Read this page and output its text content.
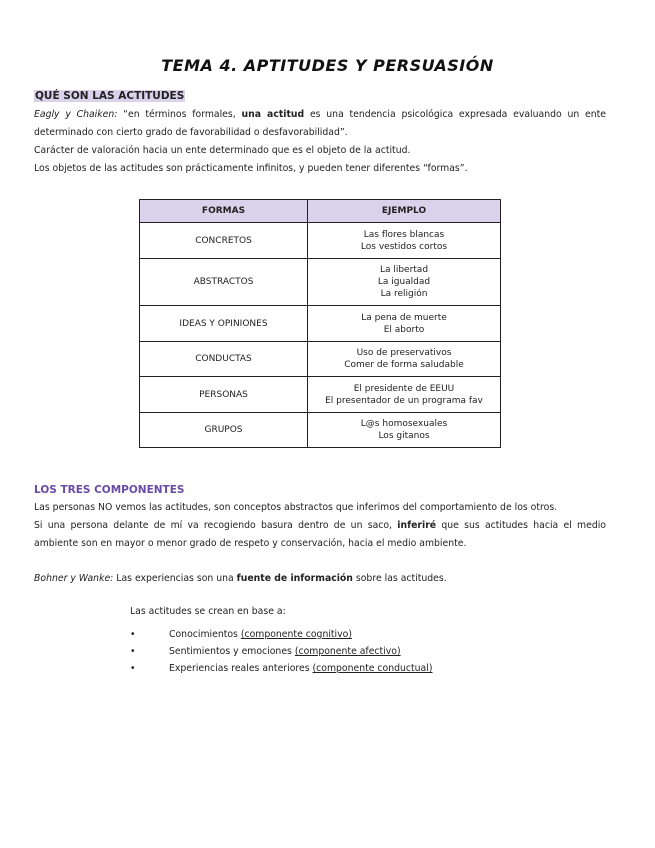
TEMA 4. APTITUDES Y PERSUASIÓN
QUÉ SON LAS ACTITUDES
Eagly y Chaiken: “en términos formales, una actitud es una tendencia psicológica expresada evaluando un ente determinado con cierto grado de favorabilidad o desfavorabilidad”.
Carácter de valoración hacia un ente determinado que es el objeto de la actitud.
Los objetos de las actitudes son prácticamente infinitos, y pueden tener diferentes “formas”.
FORMAS	EJEMPLO
CONCRETOS	Las flores blancas
Los vestidos cortos

ABSTRACTOS	La libertad
La igualdad
La religión

IDEAS Y OPINIONES	La pena de muerte
El aborto

CONDUCTAS	Uso de preservativos
Comer de forma saludable

PERSONAS	El presidente de EEUU
El presentador de un programa fav

GRUPOS	L@s homosexuales
Los gitanos
LOS TRES COMPONENTES
Las personas NO vemos las actitudes, son conceptos abstractos que inferimos del comportamiento de los otros.
Si una persona delante de mí va recogiendo basura dentro de un saco, inferiré que sus actitudes hacia el medio ambiente son en mayor o menor grado de respeto y conservación, hacia el medio ambiente.
Bohner y Wanke: Las experiencias son una fuente de información sobre las actitudes.
Las actitudes se crean en base a:
•	Conocimientos (componente cognitivo)
•	Sentimientos y emociones (componente afectivo)
•	Experiencias reales anteriores (componente conductual)
